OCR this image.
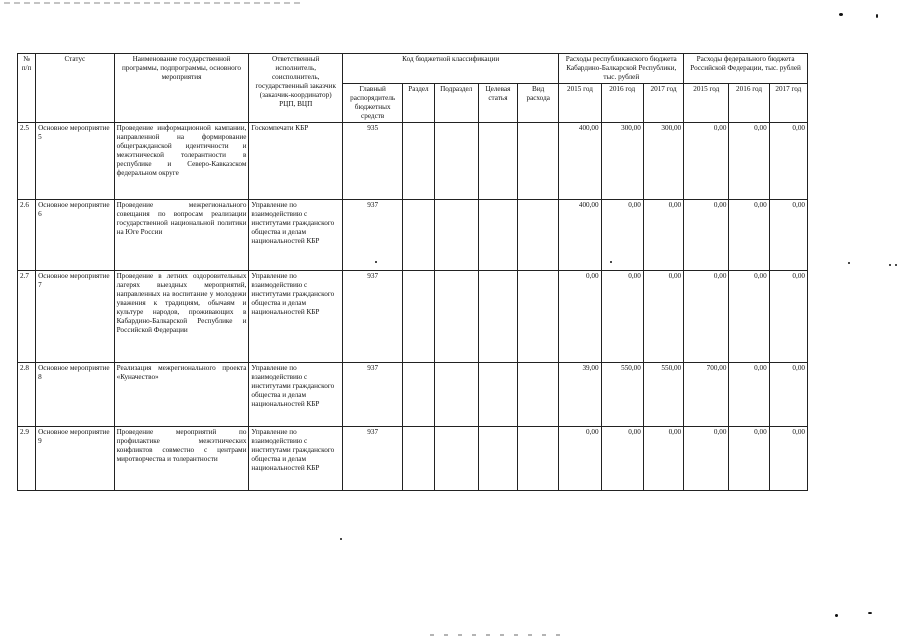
№ п/п	Статус	Наименование государственной программы, подпрограммы, основного мероприятия	Ответственный исполнитель, соисполнитель, государственный заказчик (заказчик-координатор) РЦП, ВЦП	Код бюджетной классификации					Расходы республиканского бюджета Кабардино-Балкарской Республики, тыс. рублей			Расходы федерального бюджета Российской Федерации, тыс. рублей		
				Главный распорядитель бюджетных средств	Раздел	Подраздел	Целевая статья	Вид расхода	2015 год	2016 год	2017 год	2015 год	2016 год	2017 год
2.5	Основное мероприятие 5	Проведение информационной кампании, направленной на формирование общегражданской идентичности и межэтнической толерантности в республике и Северо-Кавказском федеральном округе	Госкомпечати КБР	935					400,00	300,00	300,00	0,00	0,00	0,00
2.6	Основное мероприятие 6	Проведение межрегионального совещания по вопросам реализации государственной национальной политики на Юге России	Управление по взаимодействию с институтами гражданского общества и делам национальностей КБР	937					400,00	0,00	0,00	0,00	0,00	0,00
2.7	Основное мероприятие 7	Проведение в летних оздоровительных лагерях выездных мероприятий, направленных на воспитание у молодежи уважения к традициям, обычаям и культуре народов, проживающих в Кабардино-Балкарской Республике и Российской Федерации	Управление по взаимодействию с институтами гражданского общества и делам национальностей КБР	937					0,00	0,00	0,00	0,00	0,00	0,00
2.8	Основное мероприятие 8	Реализация межрегионального проекта «Куначество»	Управление по взаимодействию с институтами гражданского общества и делам национальностей КБР	937					39,00	550,00	550,00	700,00	0,00	0,00
2.9	Основное мероприятие 9	Проведение мероприятий по профилактике межэтнических конфликтов совместно с центрами миротворчества и толерантности	Управление по взаимодействию с институтами гражданского общества и делам национальностей КБР	937					0,00	0,00	0,00	0,00	0,00	0,00
